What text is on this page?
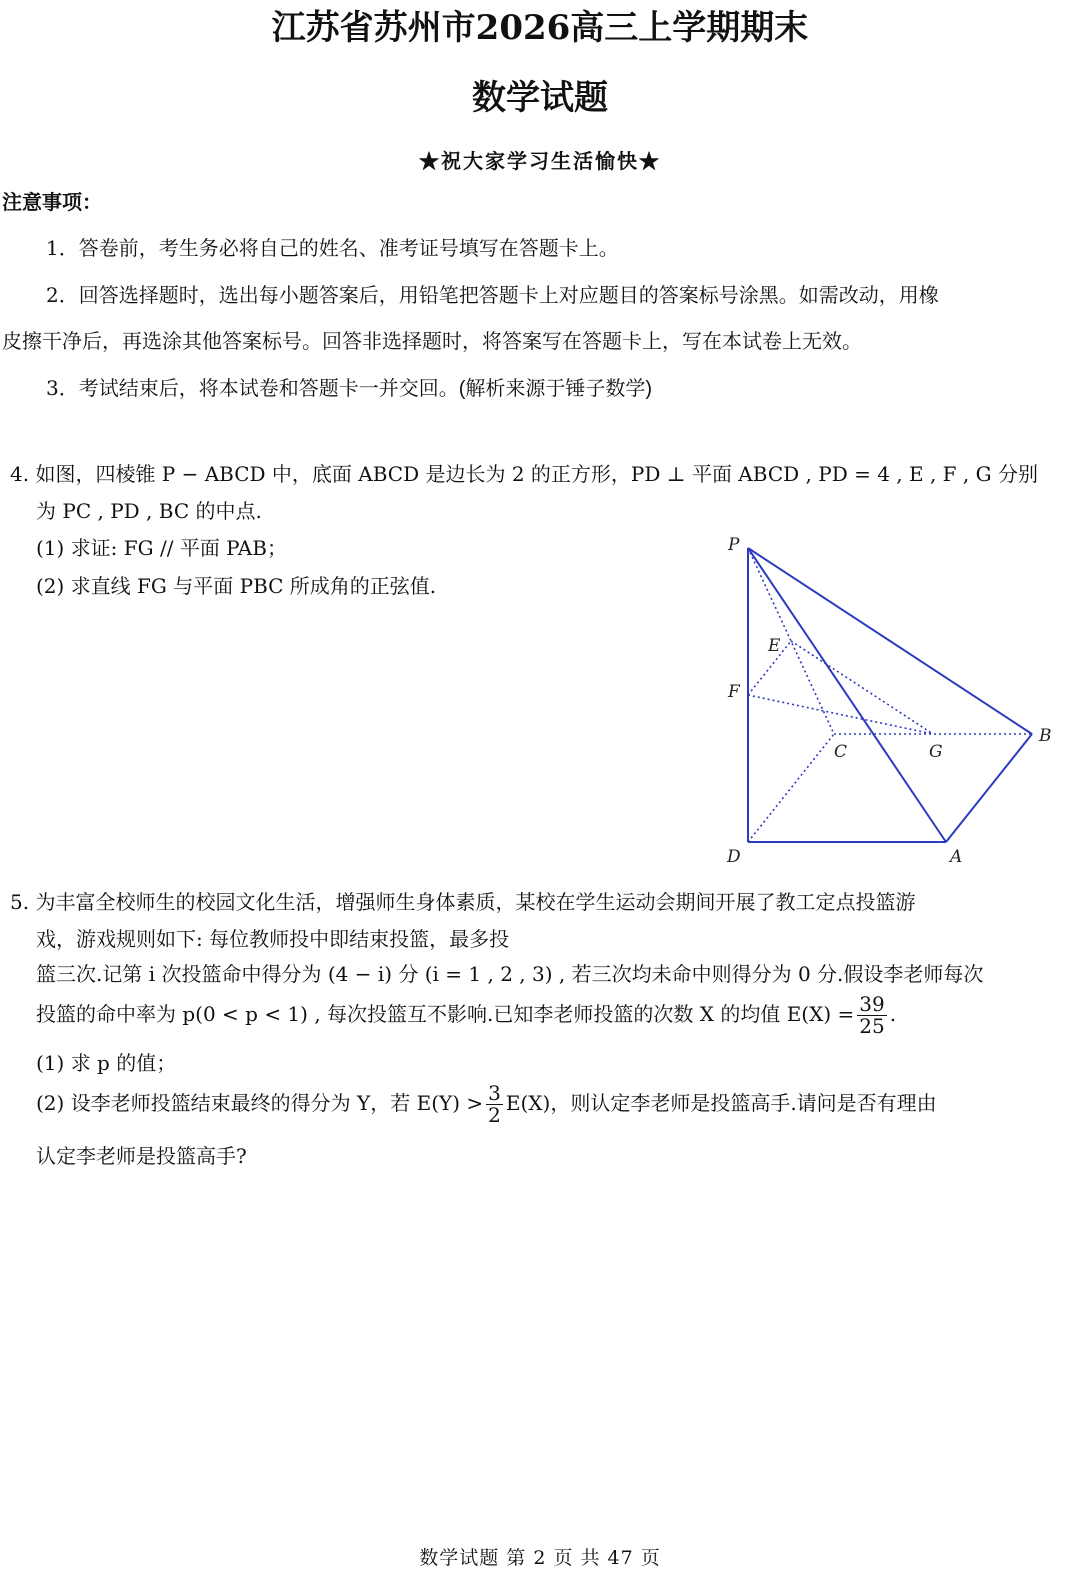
江苏省苏州市2026高三上学期期末
数学试题
★祝大家学习生活愉快★
注意事项：
1．答卷前，考生务必将自己的姓名、准考证号填写在答题卡上。
2．回答选择题时，选出每小题答案后，用铅笔把答题卡上对应题目的答案标号涂黑。如需改动，用橡
皮擦干净后，再选涂其他答案标号。回答非选择题时，将答案写在答题卡上，写在本试卷上无效。
3．考试结束后，将本试卷和答题卡一并交回。(解析来源于锤子数学)
4. 如图，四棱锥 P − ABCD 中，底面 ABCD 是边长为 2 的正方形，PD ⊥ 平面 ABCD , PD = 4 , E , F , G 分别
为 PC , PD , BC 的中点.
(1) 求证: FG // 平面 PAB；
(2) 求直线 FG 与平面 PBC 所成角的正弦值.
P
E
F
C	G
B
D	A
5. 为丰富全校师生的校园文化生活，增强师生身体素质，某校在学生运动会期间开展了教工定点投篮游
戏，游戏规则如下: 每位教师投中即结束投篮，最多投
篮三次.记第 i 次投篮命中得分为 (4 − i) 分 (i = 1 , 2 , 3) , 若三次均未命中则得分为 0 分.假设李老师每次
投篮的命中率为 p(0 < p < 1) , 每次投篮互不影响.已知李老师投篮的次数 X 的均值 $E(X) = \frac{39}{25}$ .
(1) 求 p 的值；
(2) 设李老师投篮结束最终的得分为 Y，若 $E(Y) > \frac{3}{2} E(X)$，则认定李老师是投篮高手.请问是否有理由
认定李老师是投篮高手?
数学试题 第 2 页 共 47 页
